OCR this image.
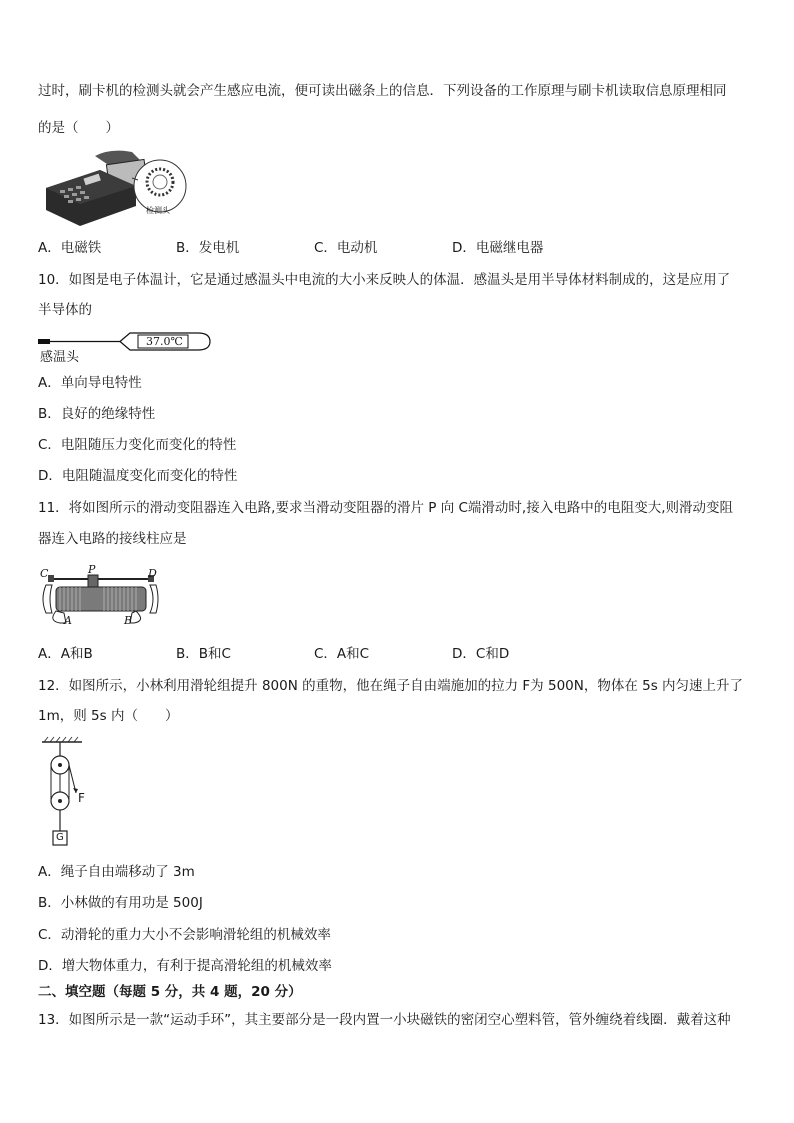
过时，刷卡机的检测头就会产生感应电流，便可读出磁条上的信息．下列设备的工作原理与刷卡机读取信息原理相同
的是（　　）
检测头
A．电磁铁	B．发电机	C．电动机	D．电磁继电器
10．如图是电子体温计，它是通过感温头中电流的大小来反映人的体温．感温头是用半导体材料制成的，这是应用了
半导体的
37.0℃
感温头
A．单向导电特性
B．良好的绝缘特性
C．电阻随压力变化而变化的特性
D．电阻随温度变化而变化的特性
11．将如图所示的滑动变阻器连入电路,要求当滑动变阻器的滑片 P 向 C端滑动时,接入电路中的电阻变大,则滑动变阻
器连入电路的接线柱应是
C	P	D
A	B
A．A和B	B．B和C	C．A和C	D．C和D
12．如图所示，小林利用滑轮组提升 800N 的重物，他在绳子自由端施加的拉力 F为 500N，物体在 5s 内匀速上升了
1m，则 5s 内（　　）
F
G
A．绳子自由端移动了 3m
B．小林做的有用功是 500J
C．动滑轮的重力大小不会影响滑轮组的机械效率
D．增大物体重力，有利于提高滑轮组的机械效率
二、填空题（每题 5 分，共 4 题，20 分）
13．如图所示是一款“运动手环”，其主要部分是一段内置一小块磁铁的密闭空心塑料管，管外缠绕着线圈．戴着这种
